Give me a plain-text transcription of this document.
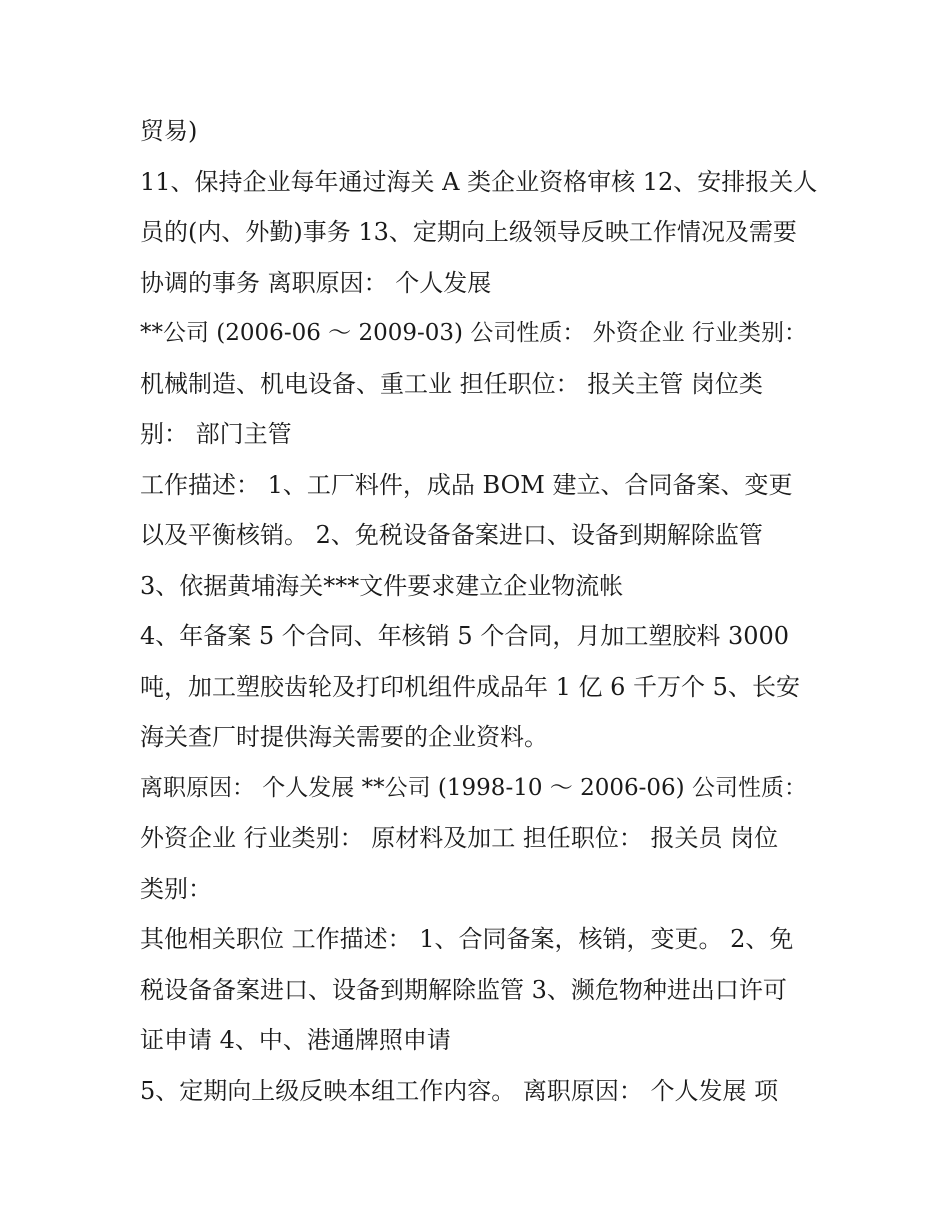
贸易)
11、保持企业每年通过海关 A 类企业资格审核 12、安排报关人
员的(内、外勤)事务 13、定期向上级领导反映工作情况及需要
协调的事务 离职原因： 个人发展
**公司 (2006-06 ～ 2009-03) 公司性质： 外资企业 行业类别：
机械制造、机电设备、重工业 担任职位： 报关主管 岗位类
别： 部门主管
工作描述： 1、工厂料件，成品 BOM 建立、合同备案、变更
以及平衡核销。 2、免税设备备案进口、设备到期解除监管
3、依据黄埔海关***文件要求建立企业物流帐
4、年备案 5 个合同、年核销 5 个合同，月加工塑胶料 3000
吨，加工塑胶齿轮及打印机组件成品年 1 亿 6 千万个 5、长安
海关查厂时提供海关需要的企业资料。
离职原因： 个人发展 **公司 (1998-10 ～ 2006-06) 公司性质：
外资企业 行业类别： 原材料及加工 担任职位： 报关员 岗位
类别：
其他相关职位 工作描述： 1、合同备案，核销，变更。 2、免
税设备备案进口、设备到期解除监管 3、濒危物种进出口许可
证申请 4、中、港通牌照申请
5、定期向上级反映本组工作内容。 离职原因： 个人发展 项
